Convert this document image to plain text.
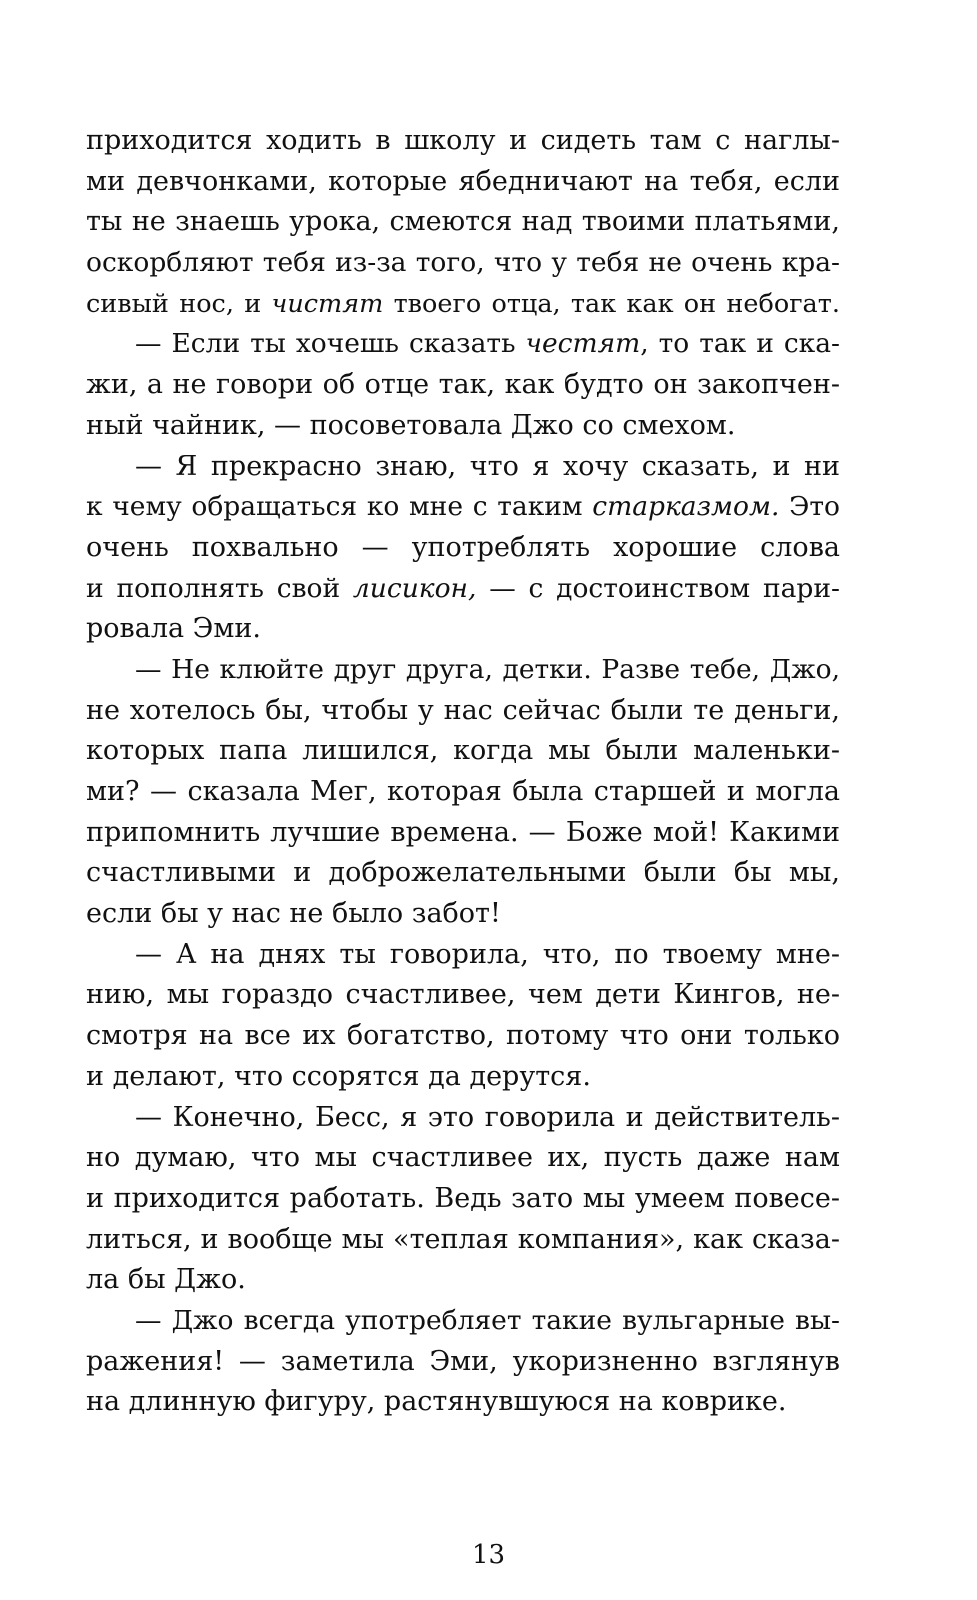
приходится ходить в школу и сидеть там с наглы-
ми девчонками, которые ябедничают на тебя, если
ты не знаешь урока, смеются над твоими платьями,
оскорбляют тебя из-за того, что у тебя не очень кра-
сивый нос, и чистят твоего отца, так как он небогат.
— Если ты хочешь сказать честят, то так и ска-
жи, а не говори об отце так, как будто он закопчен-
ный чайник, — посоветовала Джо со смехом.
— Я прекрасно знаю, что я хочу сказать, и ни
к чему обращаться ко мне с таким старказмом. Это
очень похвально — употреблять хорошие слова
и пополнять свой лисикон, — с достоинством пари-
ровала Эми.
— Не клюйте друг друга, детки. Разве тебе, Джо,
не хотелось бы, чтобы у нас сейчас были те деньги,
которых папа лишился, когда мы были маленьки-
ми? — сказала Мег, которая была старшей и могла
припомнить лучшие времена. — Боже мой! Какими
счастливыми и доброжелательными были бы мы,
если бы у нас не было забот!
— А на днях ты говорила, что, по твоему мне-
нию, мы гораздо счастливее, чем дети Кингов, не-
смотря на все их богатство, потому что они только
и делают, что ссорятся да дерутся.
— Конечно, Бесс, я это говорила и действитель-
но думаю, что мы счастливее их, пусть даже нам
и приходится работать. Ведь зато мы умеем повесе-
литься, и вообще мы «теплая компания», как сказа-
ла бы Джо.
— Джо всегда употребляет такие вульгарные вы-
ражения! — заметила Эми, укоризненно взглянув
на длинную фигуру, растянувшуюся на коврике.
13
